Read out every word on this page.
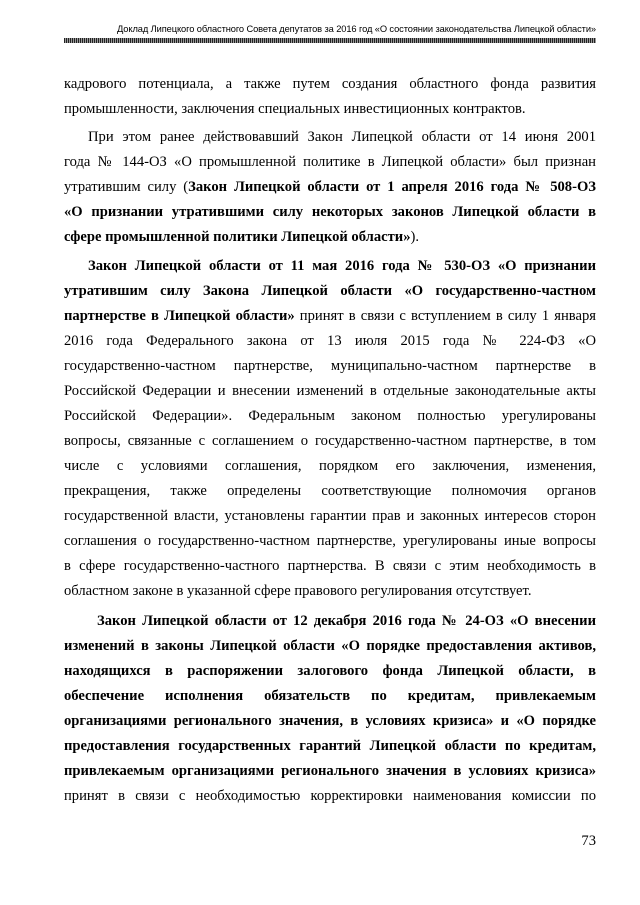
Доклад Липецкого областного Совета депутатов за 2016 год «О состоянии законодательства Липецкой области»
кадрового потенциала, а также путем создания областного фонда развития
промышленности, заключения специальных инвестиционных контрактов.
При этом ранее действовавший Закон Липецкой области от 14 июня 2001
года № 144-ОЗ «О промышленной политике в Липецкой области» был признан
утратившим силу (Закон Липецкой области от 1 апреля 2016 года № 508-ОЗ
«О признании утратившими силу некоторых законов Липецкой области в
сфере промышленной политики Липецкой области»).
Закон Липецкой области от 11 мая 2016 года № 530-ОЗ «О признании
утратившим силу Закона Липецкой области «О государственно-частном
партнерстве в Липецкой области» принят в связи с вступлением в силу 1 января
2016 года Федерального закона от 13 июля 2015 года № 224-ФЗ «О
государственно-частном партнерстве, муниципально-частном партнерстве в
Российской Федерации и внесении изменений в отдельные законодательные акты
Российской Федерации». Федеральным законом полностью урегулированы
вопросы, связанные с соглашением о государственно-частном партнерстве, в том
числе с условиями соглашения, порядком его заключения, изменения,
прекращения, также определены соответствующие полномочия органов
государственной власти, установлены гарантии прав и законных интересов сторон
соглашения о государственно-частном партнерстве, урегулированы иные вопросы
в сфере государственно-частного партнерства. В связи с этим необходимость в
областном законе в указанной сфере правового регулирования отсутствует.
Закон Липецкой области от 12 декабря 2016 года № 24-ОЗ «О внесении
изменений в законы Липецкой области «О порядке предоставления активов,
находящихся в распоряжении залогового фонда Липецкой области, в
обеспечение исполнения обязательств по кредитам, привлекаемым
организациями регионального значения, в условиях кризиса» и «О порядке
предоставления государственных гарантий Липецкой области по кредитам,
привлекаемым организациями регионального значения в условиях кризиса»
принят в связи с необходимостью корректировки наименования комиссии по
73
